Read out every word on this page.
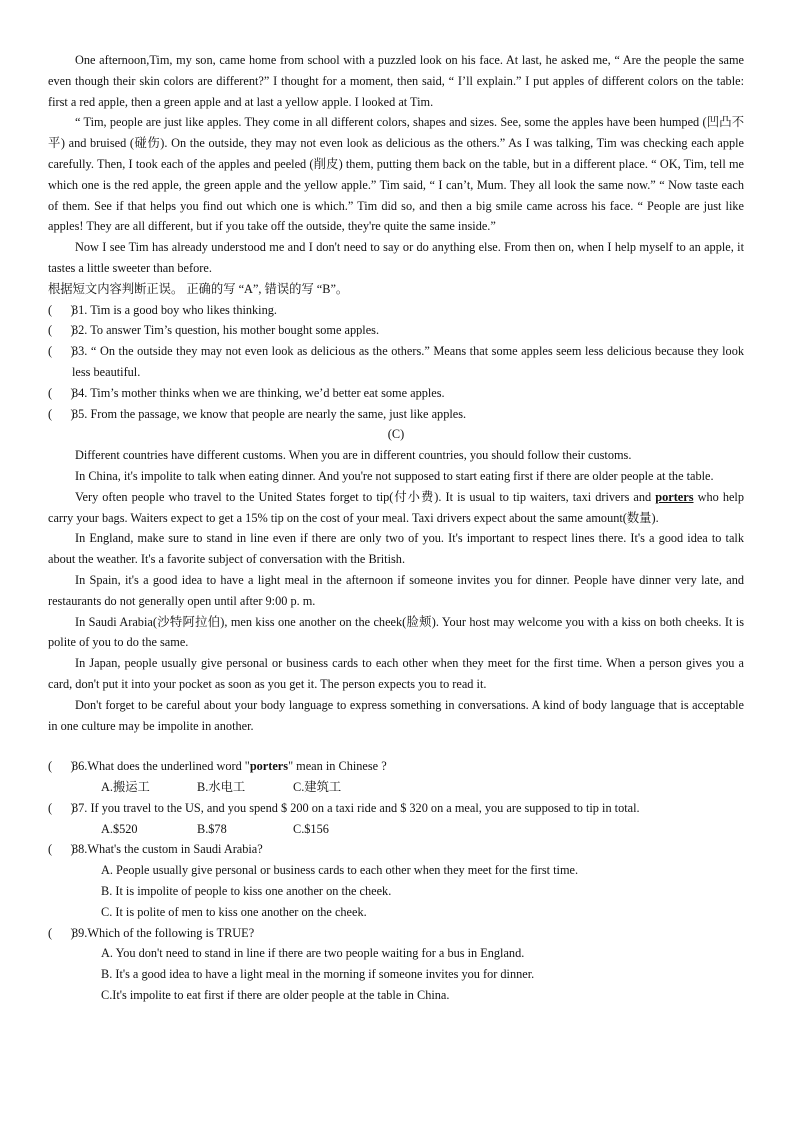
One afternoon,Tim, my son, came home from school with a puzzled look on his face. At last, he asked me, “ Are the people the same even though their skin colors are different?” I thought for a moment, then said, “ I’ll explain.” I put apples of different colors on the table: first a red apple, then a green apple and at last a yellow apple. I looked at Tim.

“ Tim, people are just like apples. They come in all different colors, shapes and sizes. See, some the apples have been humped (凹凸不平) and bruised (碰伤). On the outside, they may not even look as delicious as the others.” As I was talking, Tim was checking each apple carefully. Then, I took each of the apples and peeled (削皮) them, putting them back on the table, but in a different place. “ OK, Tim, tell me which one is the red apple, the green apple and the yellow apple.” Tim said, “ I can’t, Mum. They all look the same now.” “ Now taste each of them. See if that helps you find out which one is which.” Tim did so, and then a big smile came across his face. “ People are just like apples! They are all different, but if you take off the outside, they're quite the same inside.”

Now I see Tim has already understood me and I don't need to say or do anything else. From then on, when I help myself to an apple, it tastes a little sweeter than before.

根据短文内容判断正误。 正确的写 “A”, 错误的写 “B”。

(      )
31. Tim is a good boy who likes thinking.
(      )
32. To answer Tim’s question, his mother bought some apples.
(      )
33. “ On the outside they may not even look as delicious as the others.” Means that some apples seem less delicious because they look less beautiful.
(      )
34. Tim’s mother thinks when we are thinking, we’d better eat some apples.
(      )
35. From the passage, we know that people are nearly the same, just like apples.
(C)

Different countries have different customs. When you are in different countries, you should follow their customs.

In China, it's impolite to talk when eating dinner. And you're not supposed to start eating first if there are older people at the table.

Very often people who travel to the United States forget to tip(付小费). It is usual to tip waiters, taxi drivers and porters who help carry your bags. Waiters expect to get a 15% tip on the cost of your meal. Taxi drivers expect about the same amount(数量).

In England, make sure to stand in line even if there are only two of you. It's important to respect lines there. It's a good idea to talk about the weather. It's a favorite subject of conversation with the British.

In Spain, it's a good idea to have a light meal in the afternoon if someone invites you for dinner. People have dinner very late, and restaurants do not generally open until after 9:00 p. m.

In Saudi Arabia(沙特阿拉伯), men kiss one another on the cheek(脸颊). Your host may welcome you with a kiss on both cheeks. It is polite of you to do the same.

In Japan, people usually give personal or business cards to each other when they meet for the first time. When a person gives you a card, don't put it into your pocket as soon as you get it. The person expects you to read it.

Don't forget to be careful about your body language to express something in conversations. A kind of body language that is acceptable in one culture may be impolite in another.

(      )
36.What does the underlined word "porters" mean in Chinese ?
A.搬运工	B.水电工	C.建筑工
(      )
37. If you travel to the US, and you spend $ 200 on a taxi ride and $ 320 on a meal, you are supposed to tip in total.
A.$520	B.$78	C.$156
(      )
38.What's the custom in Saudi Arabia?
A. People usually give personal or business cards to each other when they meet for the first time.
B. It is impolite of people to kiss one another on the cheek.
C. It is polite of men to kiss one another on the cheek.
(      )
39.Which of the following is TRUE?
A. You don't need to stand in line if there are two people waiting for a bus in England.
B. It's a good idea to have a light meal in the morning if someone invites you for dinner.
C.It's impolite to eat first if there are older people at the table in China.
